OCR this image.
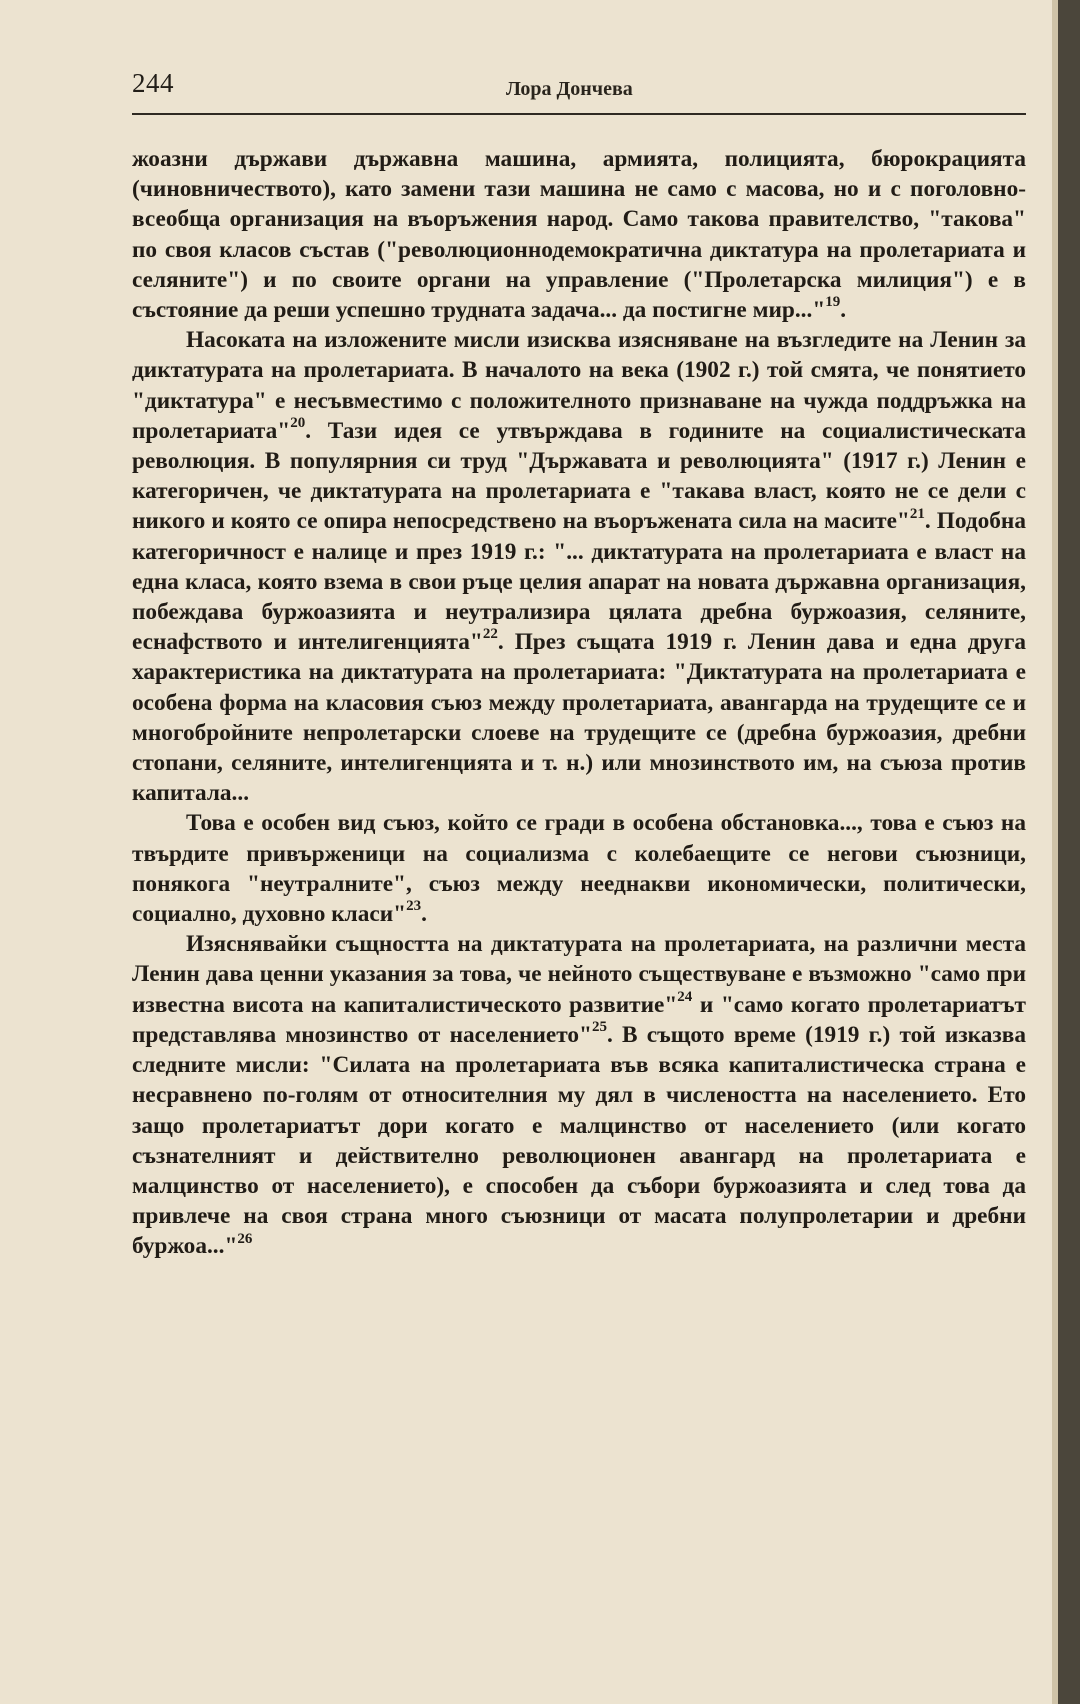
244	Лора Дончева

жоазни държави държавна машина, армията, полицията, бюрокрацията (чиновничеството), като замени тази машина не само с масова, но и с поголовно-всеобща организация на въоръжения народ. Само такова правителство, "такова" по своя класов състав ("революционнодемократична диктатура на пролетариата и селяните") и по своите органи на управление ("Пролетарска милиция") е в състояние да реши успешно трудната задача... да постигне мир..."$^{19}$.

Насоката на изложените мисли изисква изясняване на възгледите на Ленин за диктатурата на пролетариата. В началото на века (1902 г.) той смята, че понятието "диктатура" е несъвместимо с положителното признаване на чужда поддръжка на пролетариата"$^{20}$. Тази идея се утвърждава в годините на социалистическата революция. В популярния си труд "Държавата и революцията" (1917 г.) Ленин е категоричен, че диктатурата на пролетариата е "такава власт, която не се дели с никого и която се опира непосредствено на въоръжената сила на масите"$^{21}$. Подобна категоричност е налице и през 1919 г.: "... диктатурата на пролетариата е власт на една класа, която взема в свои ръце целия апарат на новата държавна организация, побеждава буржоазията и неутрализира цялата дребна буржоазия, селяните, еснафството и интелигенцията"$^{22}$. През същата 1919 г. Ленин дава и една друга характеристика на диктатурата на пролетариата: "Диктатурата на пролетариата е особена форма на класовия съюз между пролетариата, авангарда на трудещите се и многобройните непролетарски слоеве на трудещите се (дребна буржоазия, дребни стопани, селяните, интелигенцията и т. н.) или мнозинството им, на съюза против капитала...

Това е особен вид съюз, който се гради в особена обстановка..., това е съюз на твърдите привърженици на социализма с колебаещите се негови съюзници, понякога "неутралните", съюз между нееднакви икономически, политически, социално, духовно класи"$^{23}$.

Изяснявайки същността на диктатурата на пролетариата, на различни места Ленин дава ценни указания за това, че нейното съществуване е възможно "само при известна висота на капиталистическото развитие"$^{24}$ и "само когато пролетариатът представлява мнозинство от населението"$^{25}$. В същото време (1919 г.) той изказва следните мисли: "Силата на пролетариата във всяка капиталистическа страна е несравнено по-голям от относителния му дял в числеността на населението. Ето защо пролетариатът дори когато е малцинство от населението (или когато съзнателният и действително революционен авангард на пролетариата е малцинство от населението), е способен да събори буржоазията и след това да привлече на своя страна много съюзници от масата полупролетарии и дребни буржоа..."$^{26}$
